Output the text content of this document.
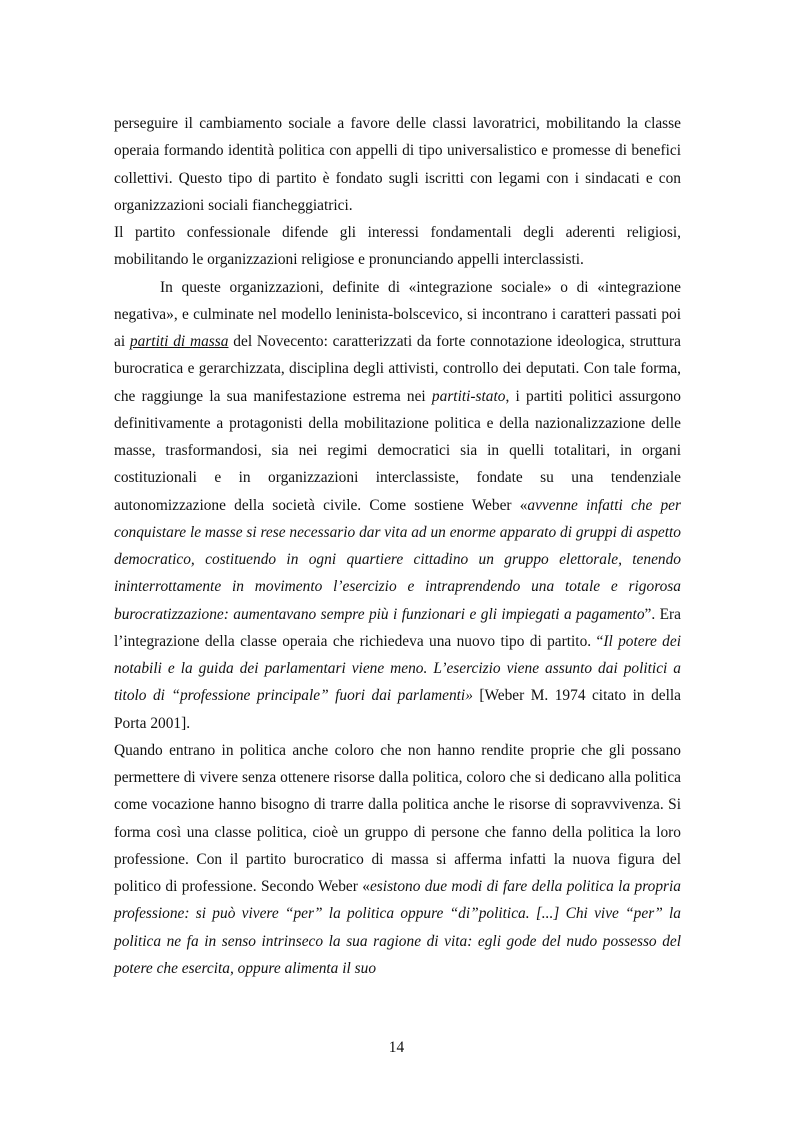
perseguire il cambiamento sociale a favore delle classi lavoratrici, mobilitando la classe operaia formando identità politica con appelli di tipo universalistico e promesse di benefici collettivi. Questo tipo di partito è fondato sugli iscritti con legami con i sindacati e con organizzazioni sociali fiancheggiatrici.

Il partito confessionale difende gli interessi fondamentali degli aderenti religiosi, mobilitando le organizzazioni religiose e pronunciando appelli interclassisti.

In queste organizzazioni, definite di «integrazione sociale» o di «integrazione negativa», e culminate nel modello leninista-bolscevico, si incontrano i caratteri passati poi ai partiti di massa del Novecento: caratterizzati da forte connotazione ideologica, struttura burocratica e gerarchizzata, disciplina degli attivisti, controllo dei deputati. Con tale forma, che raggiunge la sua manifestazione estrema nei partiti-stato, i partiti politici assurgono definitivamente a protagonisti della mobilitazione politica e della nazionalizzazione delle masse, trasformandosi, sia nei regimi democratici sia in quelli totalitari, in organi costituzionali e in organizzazioni interclassiste, fondate su una tendenziale autonomizzazione della società civile. Come sostiene Weber «avvenne infatti che per conquistare le masse si rese necessario dar vita ad un enorme apparato di gruppi di aspetto democratico, costituendo in ogni quartiere cittadino un gruppo elettorale, tenendo ininterrottamente in movimento l’esercizio e intraprendendo una totale e rigorosa burocratizzazione: aumentavano sempre più i funzionari e gli impiegati a pagamento”. Era l’integrazione della classe operaia che richiedeva una nuovo tipo di partito. “Il potere dei notabili e la guida dei parlamentari viene meno. L’esercizio viene assunto dai politici a titolo di “professione principale” fuori dai parlamenti» [Weber M. 1974 citato in della Porta 2001].

Quando entrano in politica anche coloro che non hanno rendite proprie che gli possano permettere di vivere senza ottenere risorse dalla politica, coloro che si dedicano alla politica come vocazione hanno bisogno di trarre dalla politica anche le risorse di sopravvivenza. Si forma così una classe politica, cioè un gruppo di persone che fanno della politica la loro professione. Con il partito burocratico di massa si afferma infatti la nuova figura del politico di professione. Secondo Weber «esistono due modi di fare della politica la propria professione: si può vivere “per” la politica oppure “di”politica. [...] Chi vive “per” la politica ne fa in senso intrinseco la sua ragione di vita: egli gode del nudo possesso del potere che esercita, oppure alimenta il suo

14
